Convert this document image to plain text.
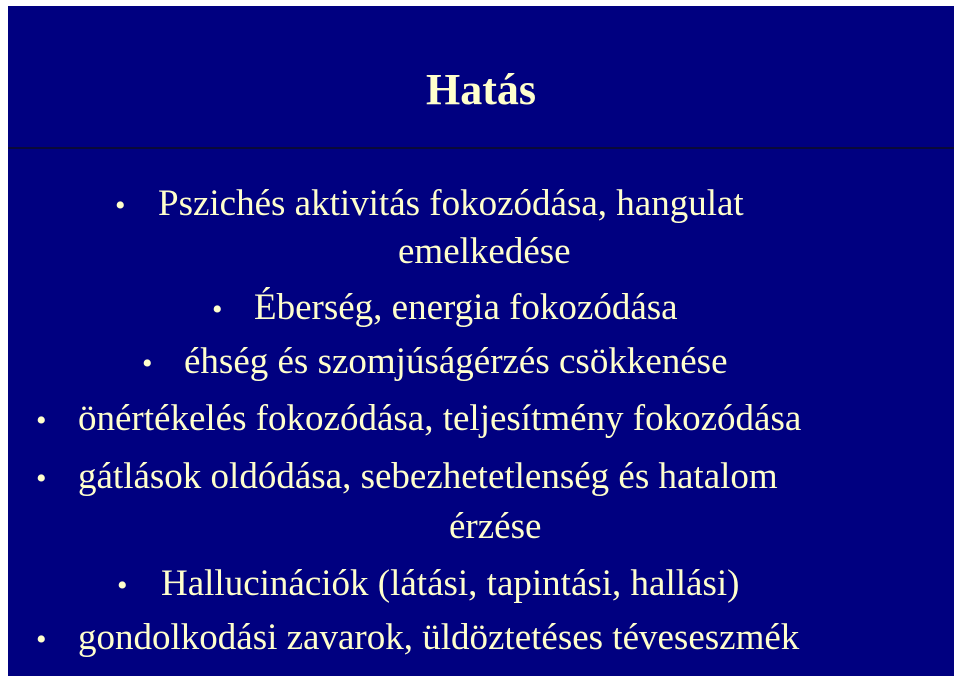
Hatás
• Pszichés aktivitás fokozódása, hangulat
emelkedése
• Éberség, energia fokozódása
• éhség és szomjúságérzés csökkenése
• önértékelés fokozódása, teljesítmény fokozódása
• gátlások oldódása, sebezhetetlenség és hatalom
érzése
• Hallucinációk (látási, tapintási, hallási)
• gondolkodási zavarok, üldöztetéses téveseszmék
